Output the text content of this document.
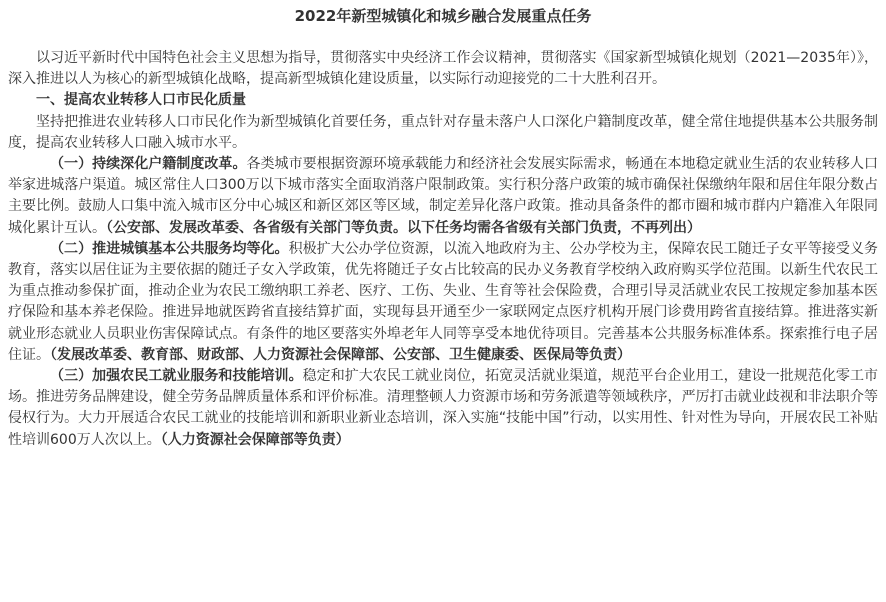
2022年新型城镇化和城乡融合发展重点任务

以习近平新时代中国特色社会主义思想为指导，贯彻落实中央经济工作会议精神，贯彻落实《国家新型城镇化规划（2021—2035年）》，深入推进以人为核心的新型城镇化战略，提高新型城镇化建设质量，以实际行动迎接党的二十大胜利召开。

一、提高农业转移人口市民化质量

坚持把推进农业转移人口市民化作为新型城镇化首要任务，重点针对存量未落户人口深化户籍制度改革，健全常住地提供基本公共服务制度，提高农业转移人口融入城市水平。

（一）持续深化户籍制度改革。各类城市要根据资源环境承载能力和经济社会发展实际需求，畅通在本地稳定就业生活的农业转移人口举家进城落户渠道。城区常住人口300万以下城市落实全面取消落户限制政策。实行积分落户政策的城市确保社保缴纳年限和居住年限分数占主要比例。鼓励人口集中流入城市区分中心城区和新区郊区等区域，制定差异化落户政策。推动具备条件的都市圈和城市群内户籍准入年限同城化累计互认。（公安部、发展改革委、各省级有关部门等负责。以下任务均需各省级有关部门负责，不再列出）

（二）推进城镇基本公共服务均等化。积极扩大公办学位资源，以流入地政府为主、公办学校为主，保障农民工随迁子女平等接受义务教育，落实以居住证为主要依据的随迁子女入学政策，优先将随迁子女占比较高的民办义务教育学校纳入政府购买学位范围。以新生代农民工为重点推动参保扩面，推动企业为农民工缴纳职工养老、医疗、工伤、失业、生育等社会保险费，合理引导灵活就业农民工按规定参加基本医疗保险和基本养老保险。推进异地就医跨省直接结算扩面，实现每县开通至少一家联网定点医疗机构开展门诊费用跨省直接结算。推进落实新就业形态就业人员职业伤害保障试点。有条件的地区要落实外埠老年人同等享受本地优待项目。完善基本公共服务标准体系。探索推行电子居住证。（发展改革委、教育部、财政部、人力资源社会保障部、公安部、卫生健康委、医保局等负责）

（三）加强农民工就业服务和技能培训。稳定和扩大农民工就业岗位，拓宽灵活就业渠道，规范平台企业用工，建设一批规范化零工市场。推进劳务品牌建设，健全劳务品牌质量体系和评价标准。清理整顿人力资源市场和劳务派遣等领域秩序，严厉打击就业歧视和非法职介等侵权行为。大力开展适合农民工就业的技能培训和新职业新业态培训，深入实施“技能中国”行动，以实用性、针对性为导向，开展农民工补贴性培训600万人次以上。（人力资源社会保障部等负责）
